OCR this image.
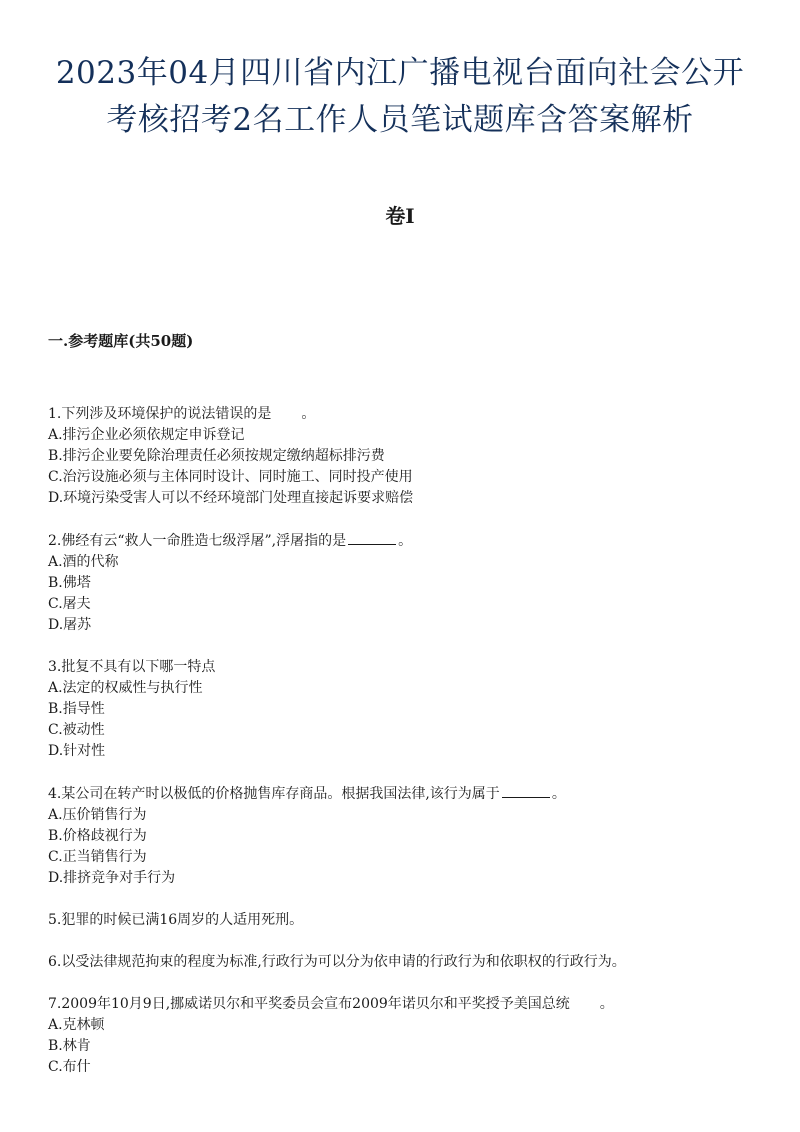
2023年04月四川省内江广播电视台面向社会公开
考核招考2名工作人员笔试题库含答案解析
卷I
一.参考题库(共50题)
1.下列涉及环境保护的说法错误的是 。
A.排污企业必须依规定申诉登记
B.排污企业要免除治理责任必须按规定缴纳超标排污费
C.治污设施必须与主体同时设计、同时施工、同时投产使用
D.环境污染受害人可以不经环境部门处理直接起诉要求赔偿
2.佛经有云“救人一命胜造七级浮屠”,浮屠指的是	。
A.酒的代称
B.佛塔
C.屠夫
D.屠苏
3.批复不具有以下哪一特点
A.法定的权威性与执行性
B.指导性
C.被动性
D.针对性
4.某公司在转产时以极低的价格抛售库存商品。根据我国法律,该行为属于	。
A.压价销售行为
B.价格歧视行为
C.正当销售行为
D.排挤竞争对手行为
5.犯罪的时候已满16周岁的人适用死刑。
6.以受法律规范拘束的程度为标准,行政行为可以分为依申请的行政行为和依职权的行政行为。
7.2009年10月9日,挪威诺贝尔和平奖委员会宣布2009年诺贝尔和平奖授予美国总统 。
A.克林顿
B.林肯
C.布什
